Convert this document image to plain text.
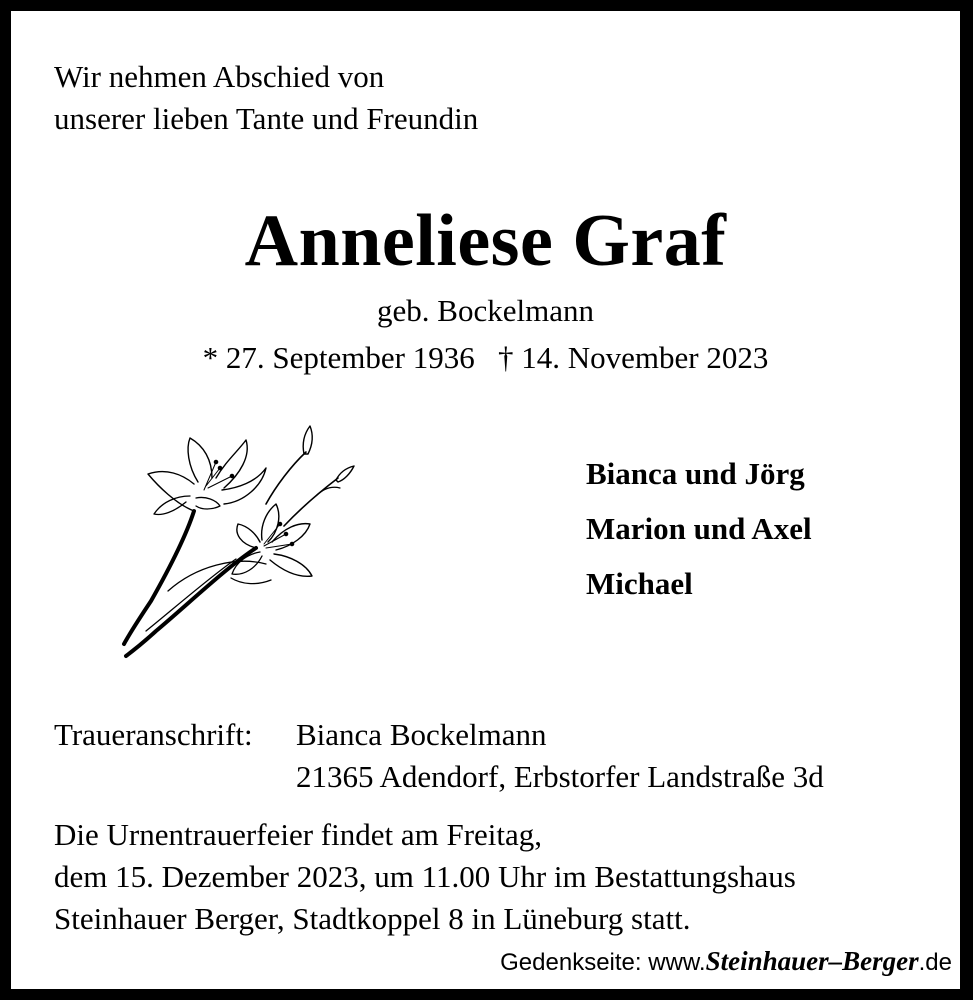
Wir nehmen Abschied von
unserer lieben Tante und Freundin
Anneliese Graf
geb. Bockelmann
* 27. September 1936 † 14. November 2023
Bianca und Jörg
Marion und Axel
Michael
Traueranschrift: Bianca Bockelmann
21365 Adendorf, Erbstorfer Landstraße 3d
Die Urnentrauerfeier findet am Freitag,
dem 15. Dezember 2023, um 11.00 Uhr im Bestattungshaus
Steinhauer Berger, Stadtkoppel 8 in Lüneburg statt.
Gedenkseite: www.Steinhauer–Berger.de
